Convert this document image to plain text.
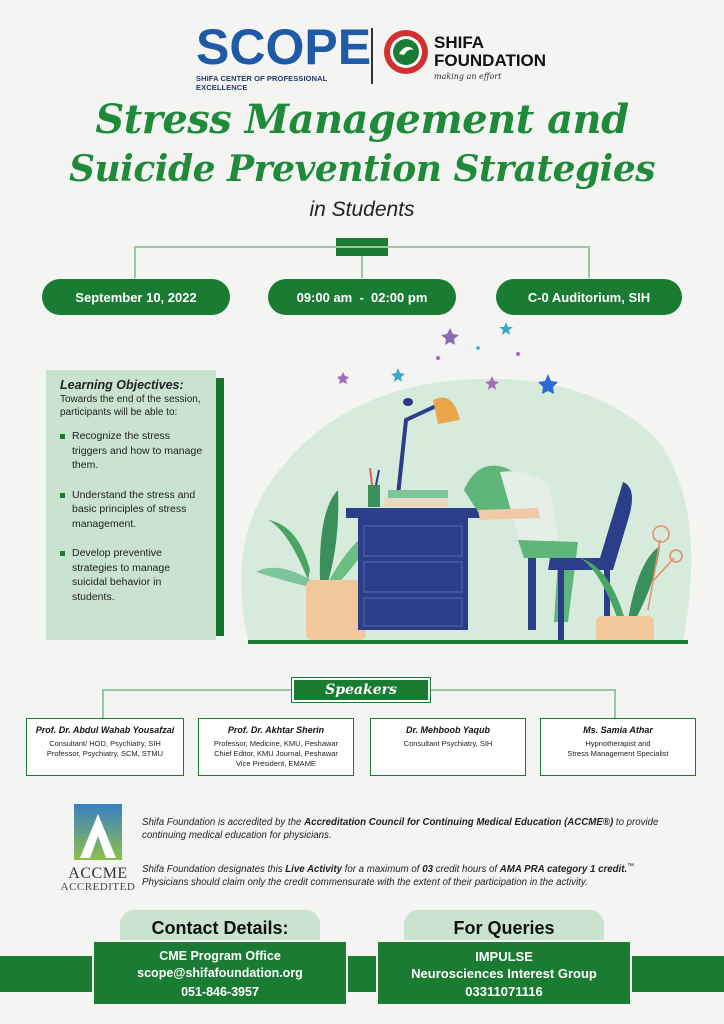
SCOPE
SHIFA CENTER OF PROFESSIONAL EXCELLENCE
SHIFA
FOUNDATION
making an effort
Stress Management and
Suicide Prevention Strategies
in Students
September 10, 2022	09:00 am  -  02:00 pm	C-0 Auditorium, SIH
Learning Objectives:
Towards the end of the session, participants will be able to:
Recognize the stress triggers and how to manage them.
Understand the stress and basic principles of stress management.
Develop preventive strategies to manage suicidal behavior in students.
Speakers
Prof. Dr. Abdul Wahab Yousafzai
Consultant/ HOD, Psychiatry, SIH
Professor, Psychiatry, SCM, STMU
Prof. Dr. Akhtar Sherin
Professor, Medicine, KMU, Peshawar
Chief Editor, KMU Journal, Peshawar
Vice President, EMAME
Dr. Mehboob Yaqub
Consultant Psychiatry, SIH
Ms. Samia Athar
Hypnotherapist and
Stress Management Specialist
ACCME
ACCREDITED
Shifa Foundation is accredited by the Accreditation Council for Continuing Medical Education (ACCME®) to provide continuing medical education for physicians.
Shifa Foundation designates this Live Activity for a maximum of 03 credit hours of AMA PRA category 1 credit.™ Physicians should claim only the credit commensurate with the extent of their participation in the activity.
Contact Details:
CME Program Office
scope@shifafoundation.org
051-846-3957
For Queries
IMPULSE
Neurosciences Interest Group
03311071116
